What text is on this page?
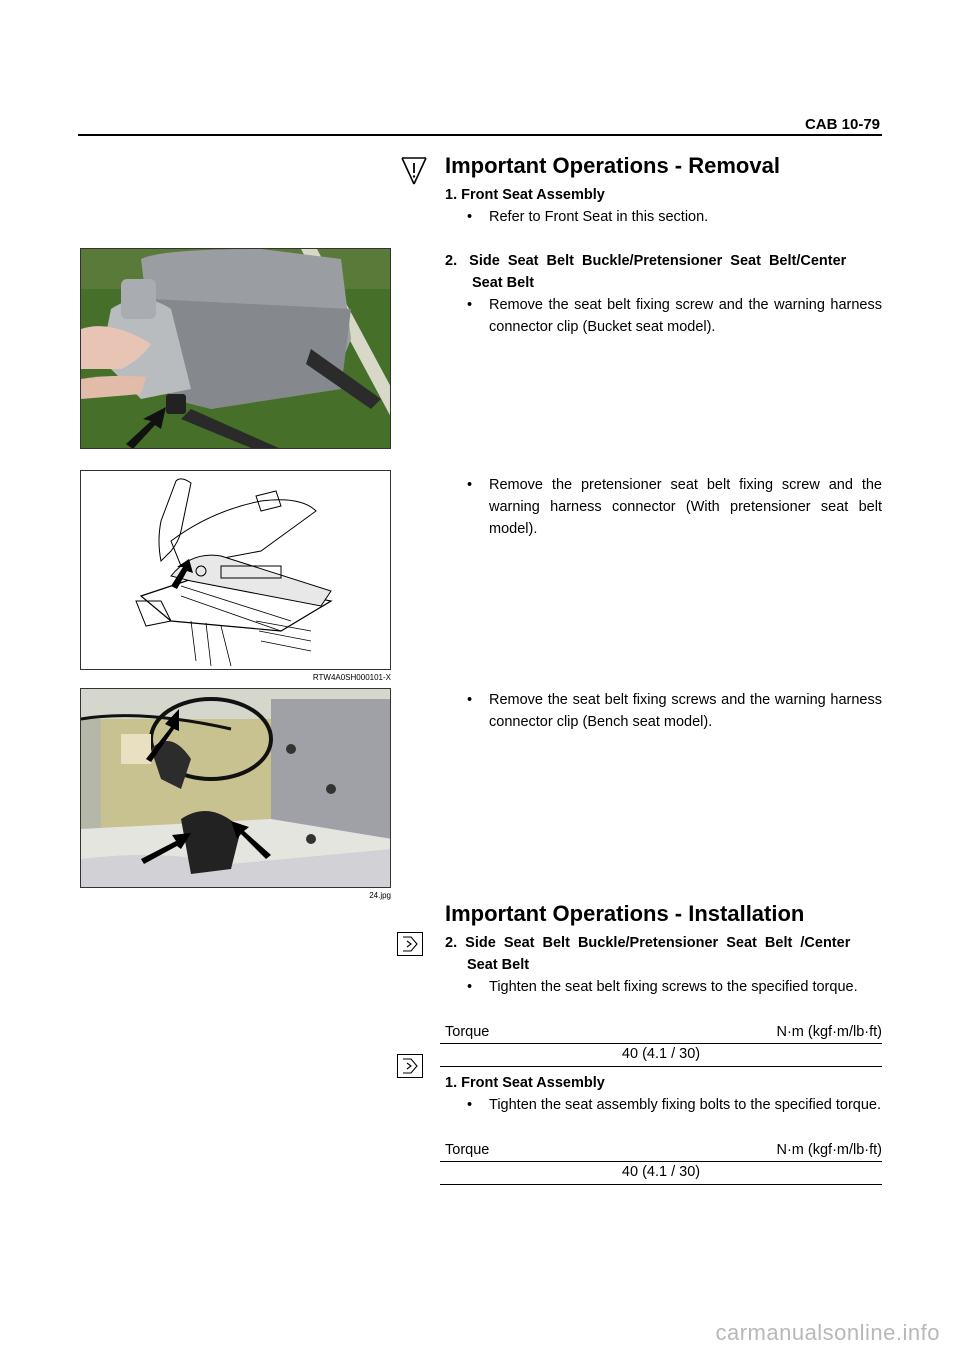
CAB 10-79
Important Operations - Removal
1. Front Seat Assembly
• Refer to Front Seat in this section.
2.   Side  Seat  Belt  Buckle/Pretensioner  Seat  Belt/Center
Seat Belt
• Remove the seat belt fixing screw and the warning harness connector clip (Bucket seat model).
RTW4A0SH000101-X
• Remove the pretensioner seat belt fixing screw and the warning harness connector (With pretensioner seat belt model).
24.jpg
• Remove the seat belt fixing screws and the warning harness connector clip (Bench seat model).
Important Operations - Installation
2.  Side  Seat  Belt  Buckle/Pretensioner  Seat  Belt  /Center
Seat Belt
• Tighten the seat belt fixing screws to the specified torque.
Torque	N·m (kgf·m/lb·ft)
40 (4.1 / 30)
1. Front Seat Assembly
• Tighten the seat assembly fixing bolts to the specified torque.
Torque	N·m (kgf·m/lb·ft)
40 (4.1 / 30)
carmanualsonline.info
